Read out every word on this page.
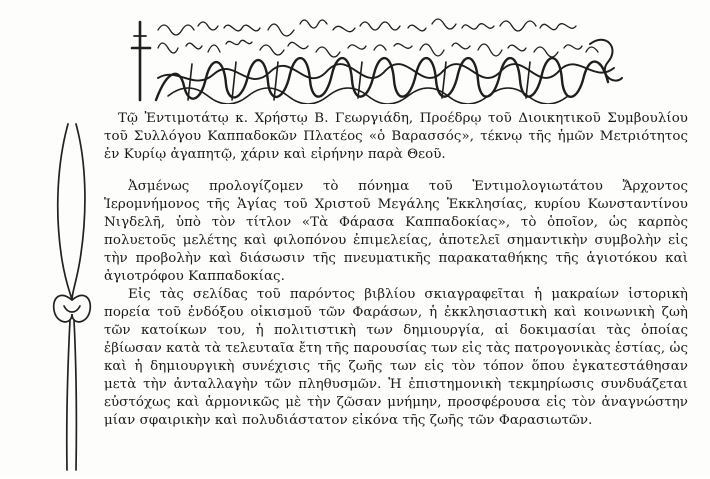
Τῷ Ἐντιμοτάτῳ κ. Χρήστῳ Β. Γεωργιάδη, Προέδρῳ τοῦ Διοικητικοῦ Συμβουλίου τοῦ Συλλόγου Καππαδοκῶν Πλατέος «ὁ Βαρασσός», τέκνῳ τῆς ἡμῶν Μετριότητος ἐν Κυρίῳ ἀγαπητῷ, χάριν καὶ εἰρήνην παρὰ Θεοῦ.

Ἀσμένως προλογίζομεν τὸ πόνημα τοῦ Ἐντιμολογιωτάτου Ἄρχοντος Ἱερομνήμονος τῆς Ἁγίας τοῦ Χριστοῦ Μεγάλης Ἐκκλησίας, κυρίου Κωνσταντίνου Νιγδελῆ, ὑπὸ τὸν τίτλον «Τὰ Φάρασα Καππαδοκίας», τὸ ὁποῖον, ὡς καρπὸς πολυετοῦς μελέτης καὶ φιλοπόνου ἐπιμελείας, ἀποτελεῖ σημαντικὴν συμβολὴν εἰς τὴν προβολὴν καὶ διάσωσιν τῆς πνευματικῆς παρακαταθήκης τῆς ἁγιοτόκου καὶ ἁγιοτρόφου Καππαδοκίας.

Εἰς τὰς σελίδας τοῦ παρόντος βιβλίου σκιαγραφεῖται ἡ μακραίων ἱστορικὴ πορεία τοῦ ἐνδόξου οἰκισμοῦ τῶν Φαράσων, ἡ ἐκκλησιαστικὴ καὶ κοινωνικὴ ζωὴ τῶν κατοίκων του, ἡ πολιτιστικὴ των δημιουργία, αἱ δοκιμασίαι τὰς ὁποίας ἐβίωσαν κατὰ τὰ τελευταῖα ἔτη τῆς παρουσίας των εἰς τὰς πατρογονικὰς ἑστίας, ὡς καὶ ἡ δημιουργικὴ συνέχισις τῆς ζωῆς των εἰς τὸν τόπον ὅπου ἐγκατεστάθησαν μετὰ τὴν ἀνταλλαγὴν τῶν πληθυσμῶν. Ἡ ἐπιστημονικὴ τεκμηρίωσις συνδυάζεται εὐστόχως καὶ ἁρμονικῶς μὲ τὴν ζῶσαν μνήμην, προσφέρουσα εἰς τὸν ἀναγνώστην μίαν σφαιρικὴν καὶ πολυδιάστατον εἰκόνα τῆς ζωῆς τῶν Φαρασιωτῶν.
